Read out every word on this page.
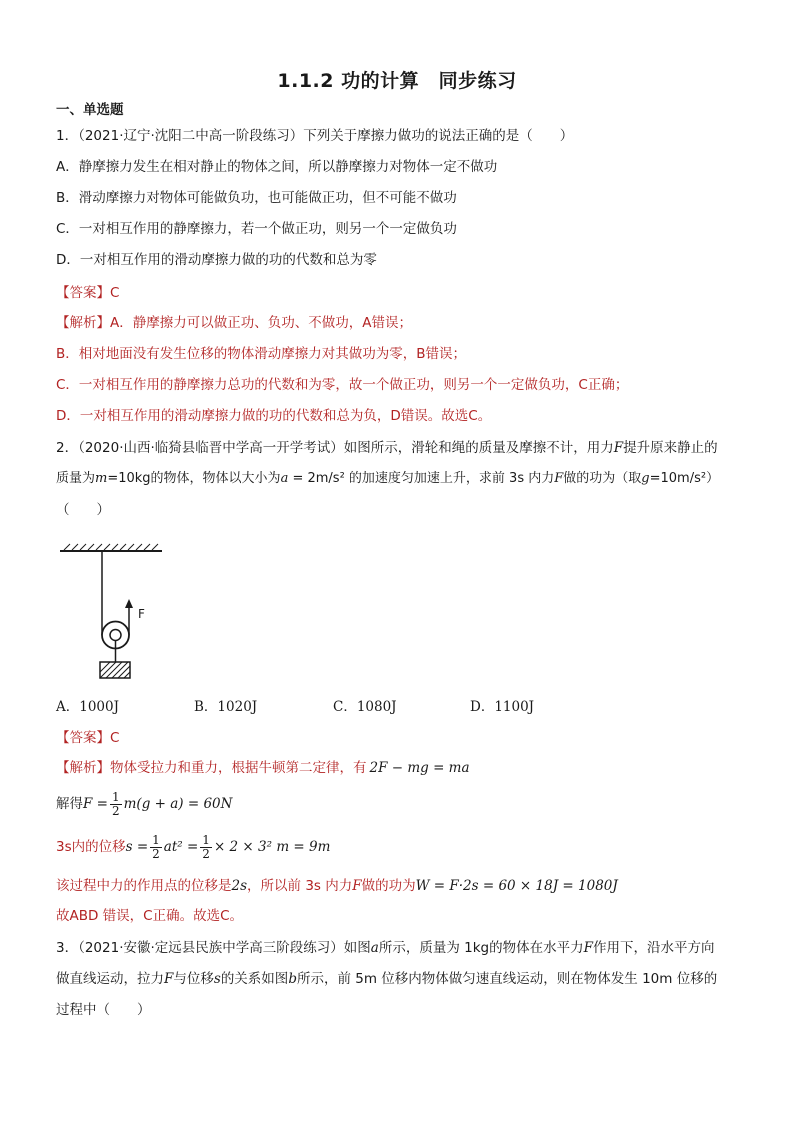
1.1.2 功的计算　同步练习
一、单选题
1．（2021·辽宁·沈阳二中高一阶段练习）下列关于摩擦力做功的说法正确的是（　　）
A．静摩擦力发生在相对静止的物体之间，所以静摩擦力对物体一定不做功
B．滑动摩擦力对物体可能做负功，也可能做正功，但不可能不做功
C．一对相互作用的静摩擦力，若一个做正功，则另一个一定做负功
D．一对相互作用的滑动摩擦力做的功的代数和总为零
【答案】C
【解析】A．静摩擦力可以做正功、负功、不做功，A错误；
B．相对地面没有发生位移的物体滑动摩擦力对其做功为零，B错误；
C．一对相互作用的静摩擦力总功的代数和为零，故一个做正功，则另一个一定做负功，C正确；
D．一对相互作用的滑动摩擦力做的功的代数和总为负，D错误。故选C。
2．（2020·山西·临猗县临晋中学高一开学考试）如图所示，滑轮和绳的质量及摩擦不计，用力F提升原来静止的
质量为m=10kg的物体，物体以大小为a = 2m/s² 的加速度匀加速上升，求前 3s 内力F做的功为（取g=10m/s²）
（　　）
F
A．1000J	B．1020J	C．1080J	D．1100J
【答案】C
【解析】物体受拉力和重力，根据牛顿第二定律，有 2F − mg = ma
解得$F = \frac{1}{2} m(g + a) = 60N$
3s内的位移$s = \frac{1}{2} at^2 = \frac{1}{2} \times 2 \times 3^2$ m = 9m
该过程中力的作用点的位移是2s，所以前 3s 内力F做的功为W = F·2s = 60 × 18J = 1080J
故ABD 错误，C正确。故选C。
3．（2021·安徽·定远县民族中学高三阶段练习）如图a所示，质量为 1kg的物体在水平力F作用下，沿水平方向
做直线运动，拉力F与位移s的关系如图b所示，前 5m 位移内物体做匀速直线运动，则在物体发生 10m 位移的
过程中（　　）
